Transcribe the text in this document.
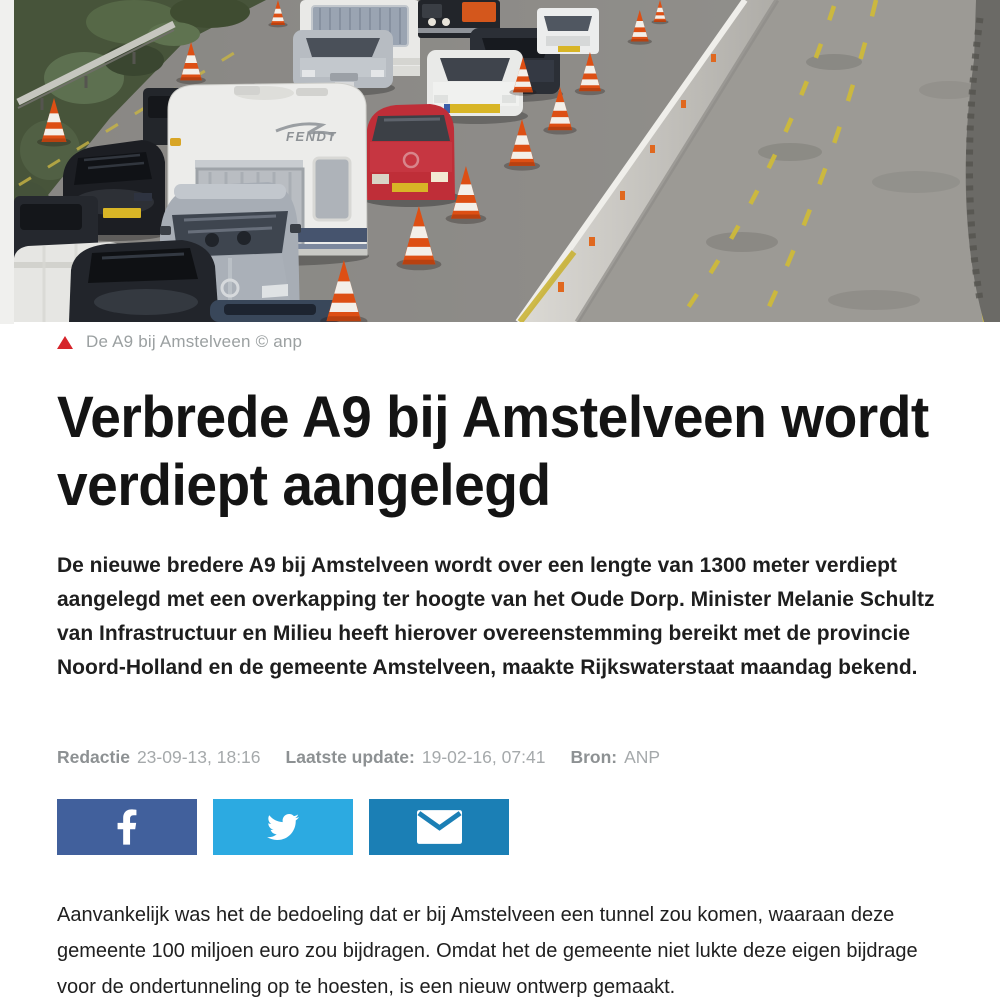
FENDT
De A9 bij Amstelveen © anp
Verbrede A9 bij Amstelveen wordt
verdiept aangelegd

De nieuwe bredere A9 bij Amstelveen wordt over een lengte van 1300 meter verdiept aangelegd met een overkapping ter hoogte van het Oude Dorp. Minister Melanie Schultz van Infrastructuur en Milieu heeft hierover overeenstemming bereikt met de provincie Noord-Holland en de gemeente Amstelveen, maakte Rijkswaterstaat maandag bekend.

Redactie 23-09-13, 18:16 Laatste update: 19-02-16, 07:41 Bron: ANP

Aanvankelijk was het de bedoeling dat er bij Amstelveen een tunnel zou komen, waaraan deze gemeente 100 miljoen euro zou bijdragen. Omdat het de gemeente niet lukte deze eigen bijdrage voor de ondertunneling op te hoesten, is een nieuw ontwerp gemaakt.
